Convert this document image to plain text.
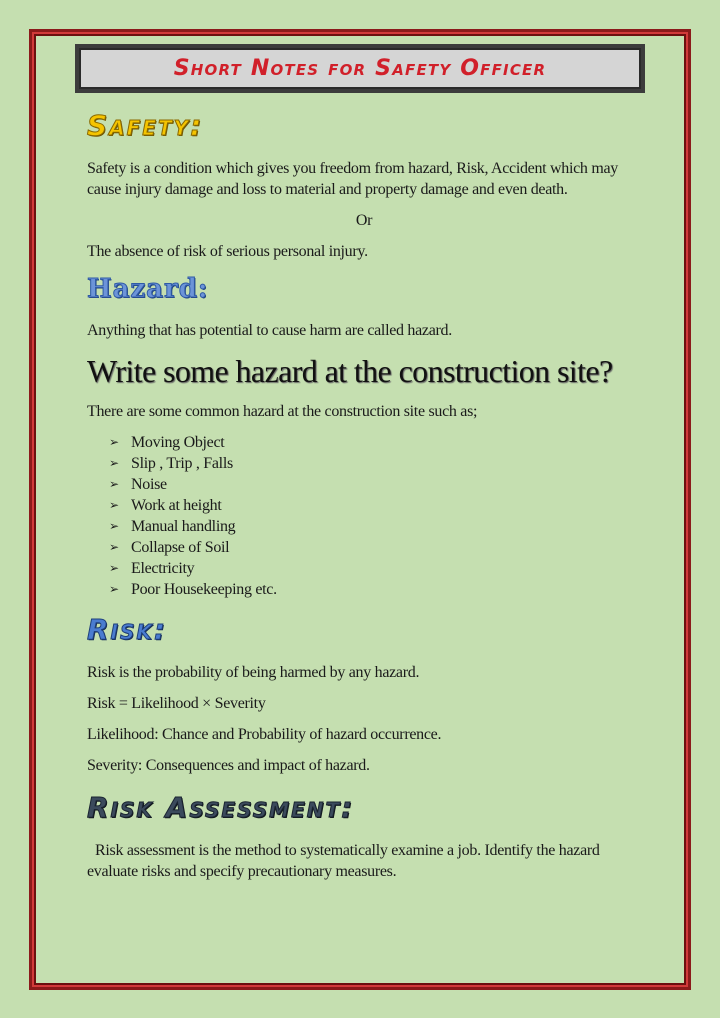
Short Notes for Safety Officer
Safety:

Safety is a condition which gives you freedom from hazard, Risk, Accident which may cause injury damage and loss to material and property damage and even death.

Or

The absence of risk of serious personal injury.

Hazard:

Anything that has potential to cause harm are called hazard.

Write some hazard at the construction site?

There are some common hazard at the construction site such as;

➢ Moving Object
➢ Slip , Trip , Falls
➢ Noise
➢ Work at height
➢ Manual handling
➢ Collapse of Soil
➢ Electricity
➢ Poor Housekeeping etc.
Risk:

Risk is the probability of being harmed by any hazard.

Risk = Likelihood × Severity

Likelihood: Chance and Probability of hazard occurrence.

Severity: Consequences and impact of hazard.

Risk Assessment:

Risk assessment is the method to systematically examine a job. Identify the hazard evaluate risks and specify precautionary measures.
